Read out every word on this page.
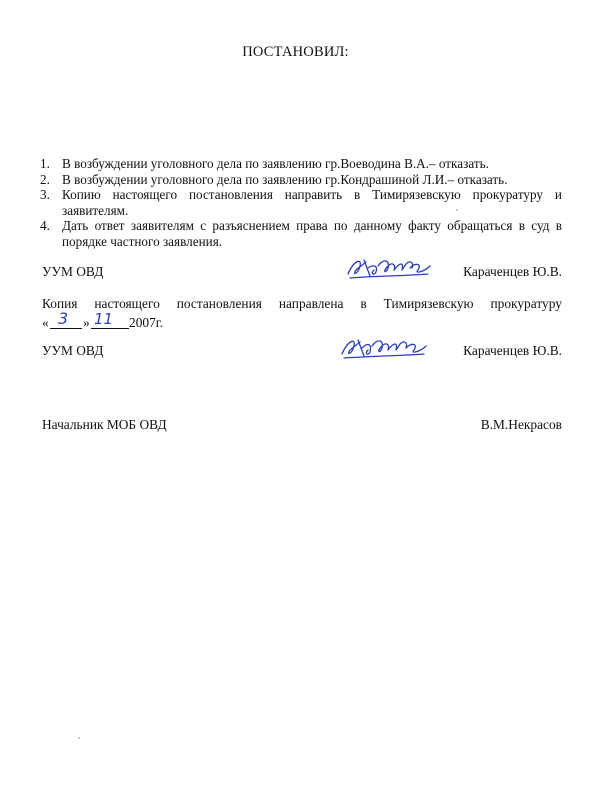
ПОСТАНОВИЛ:
1. В возбуждении уголовного дела по заявлению гр.Воеводина В.А.– отказать.
2. В возбуждении уголовного дела по заявлению гр.Кондрашиной Л.И.– отказать.
3. Копию настоящего постановления направить в Тимирязевскую прокуратуру и заявителям.
4. Дать ответ заявителям с разъяснением права по данному факту обращаться в суд в порядке частного заявления.
УУМ ОВД	Караченцев Ю.В.
Копия настоящего постановления направлена в Тимирязевскую прокуратуру
« 3 » 11 2007г.
УУМ ОВД	Караченцев Ю.В.
Начальник МОБ ОВД	В.М.Некрасов
